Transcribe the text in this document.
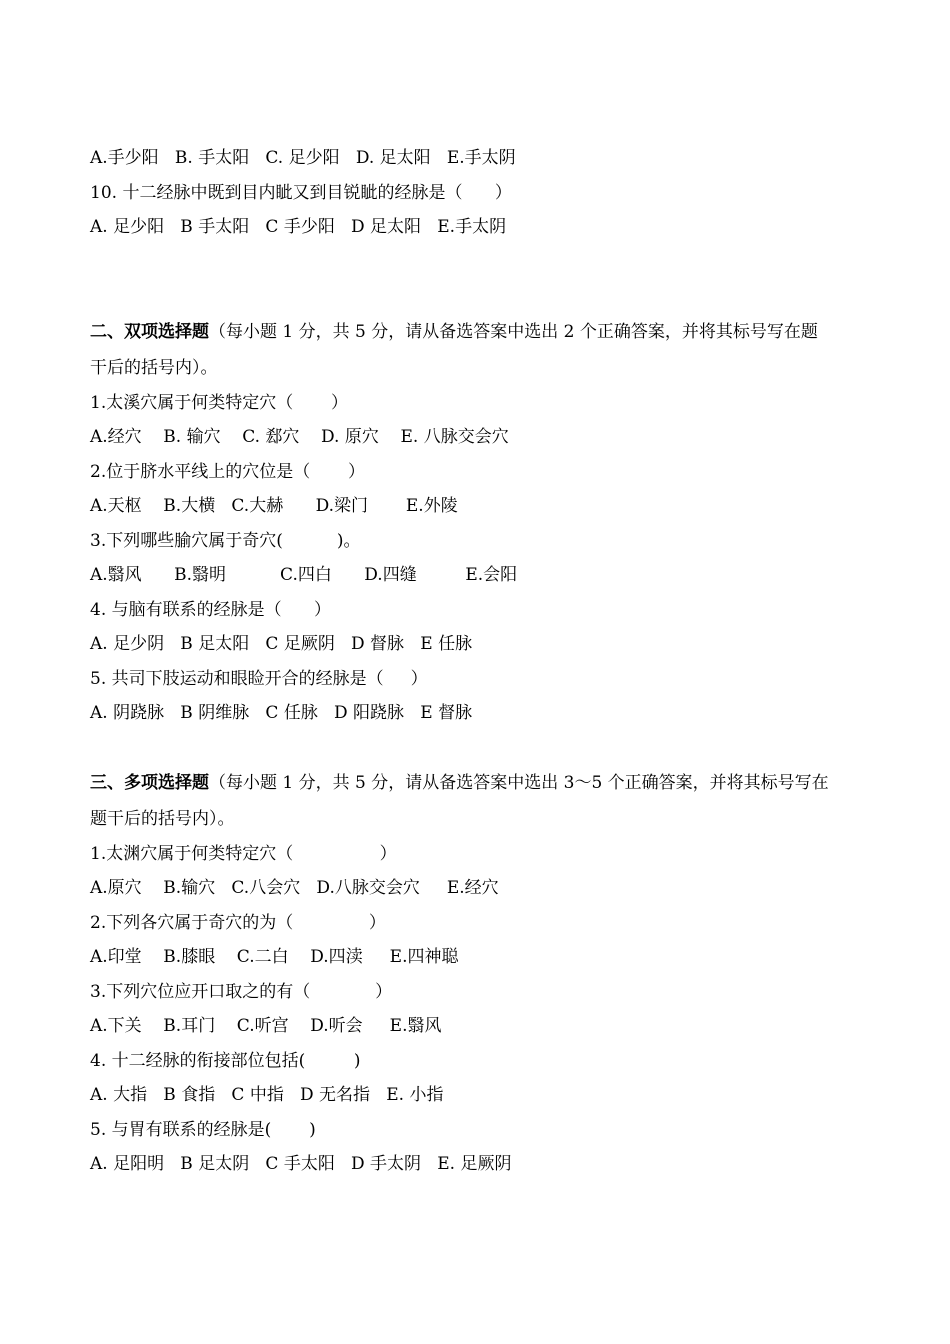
A.手少阳   B. 手太阳   C. 足少阳   D. 足太阳   E.手太阴
10. 十二经脉中既到目内眦又到目锐眦的经脉是（      ）
A. 足少阳   B 手太阳   C 手少阳   D 足太阳   E.手太阴
二、双项选择题（每小题 1 分，共 5 分，请从备选答案中选出 2 个正确答案，并将其标号写在题
干后的括号内）。
1.太溪穴属于何类特定穴（       ）
A.经穴    B. 输穴    C. 郄穴    D. 原穴    E. 八脉交会穴
2.位于脐水平线上的穴位是（       ）
A.天枢    B.大横   C.大赫      D.梁门       E.外陵
3.下列哪些腧穴属于奇穴(          )。
A.翳风      B.翳明          C.四白      D.四缝         E.会阳
4. 与脑有联系的经脉是（      ）
A. 足少阴   B 足太阳   C 足厥阴   D 督脉   E 任脉
5. 共司下肢运动和眼睑开合的经脉是（     ）
A. 阴跷脉   B 阴维脉   C 任脉   D 阳跷脉   E 督脉
三、多项选择题（每小题 1 分，共 5 分，请从备选答案中选出 3～5 个正确答案，并将其标号写在
题干后的括号内）。
1.太渊穴属于何类特定穴（                ）
A.原穴    B.输穴   C.八会穴   D.八脉交会穴     E.经穴
2.下列各穴属于奇穴的为（              ）
A.印堂    B.膝眼    C.二白    D.四渎     E.四神聪
3.下列穴位应开口取之的有（            ）
A.下关    B.耳门    C.听宫    D.听会     E.翳风
4. 十二经脉的衔接部位包括(         )
A. 大指   B 食指   C 中指   D 无名指   E. 小指
5. 与胃有联系的经脉是(       )
A. 足阳明   B 足太阴   C 手太阳   D 手太阴   E. 足厥阴
